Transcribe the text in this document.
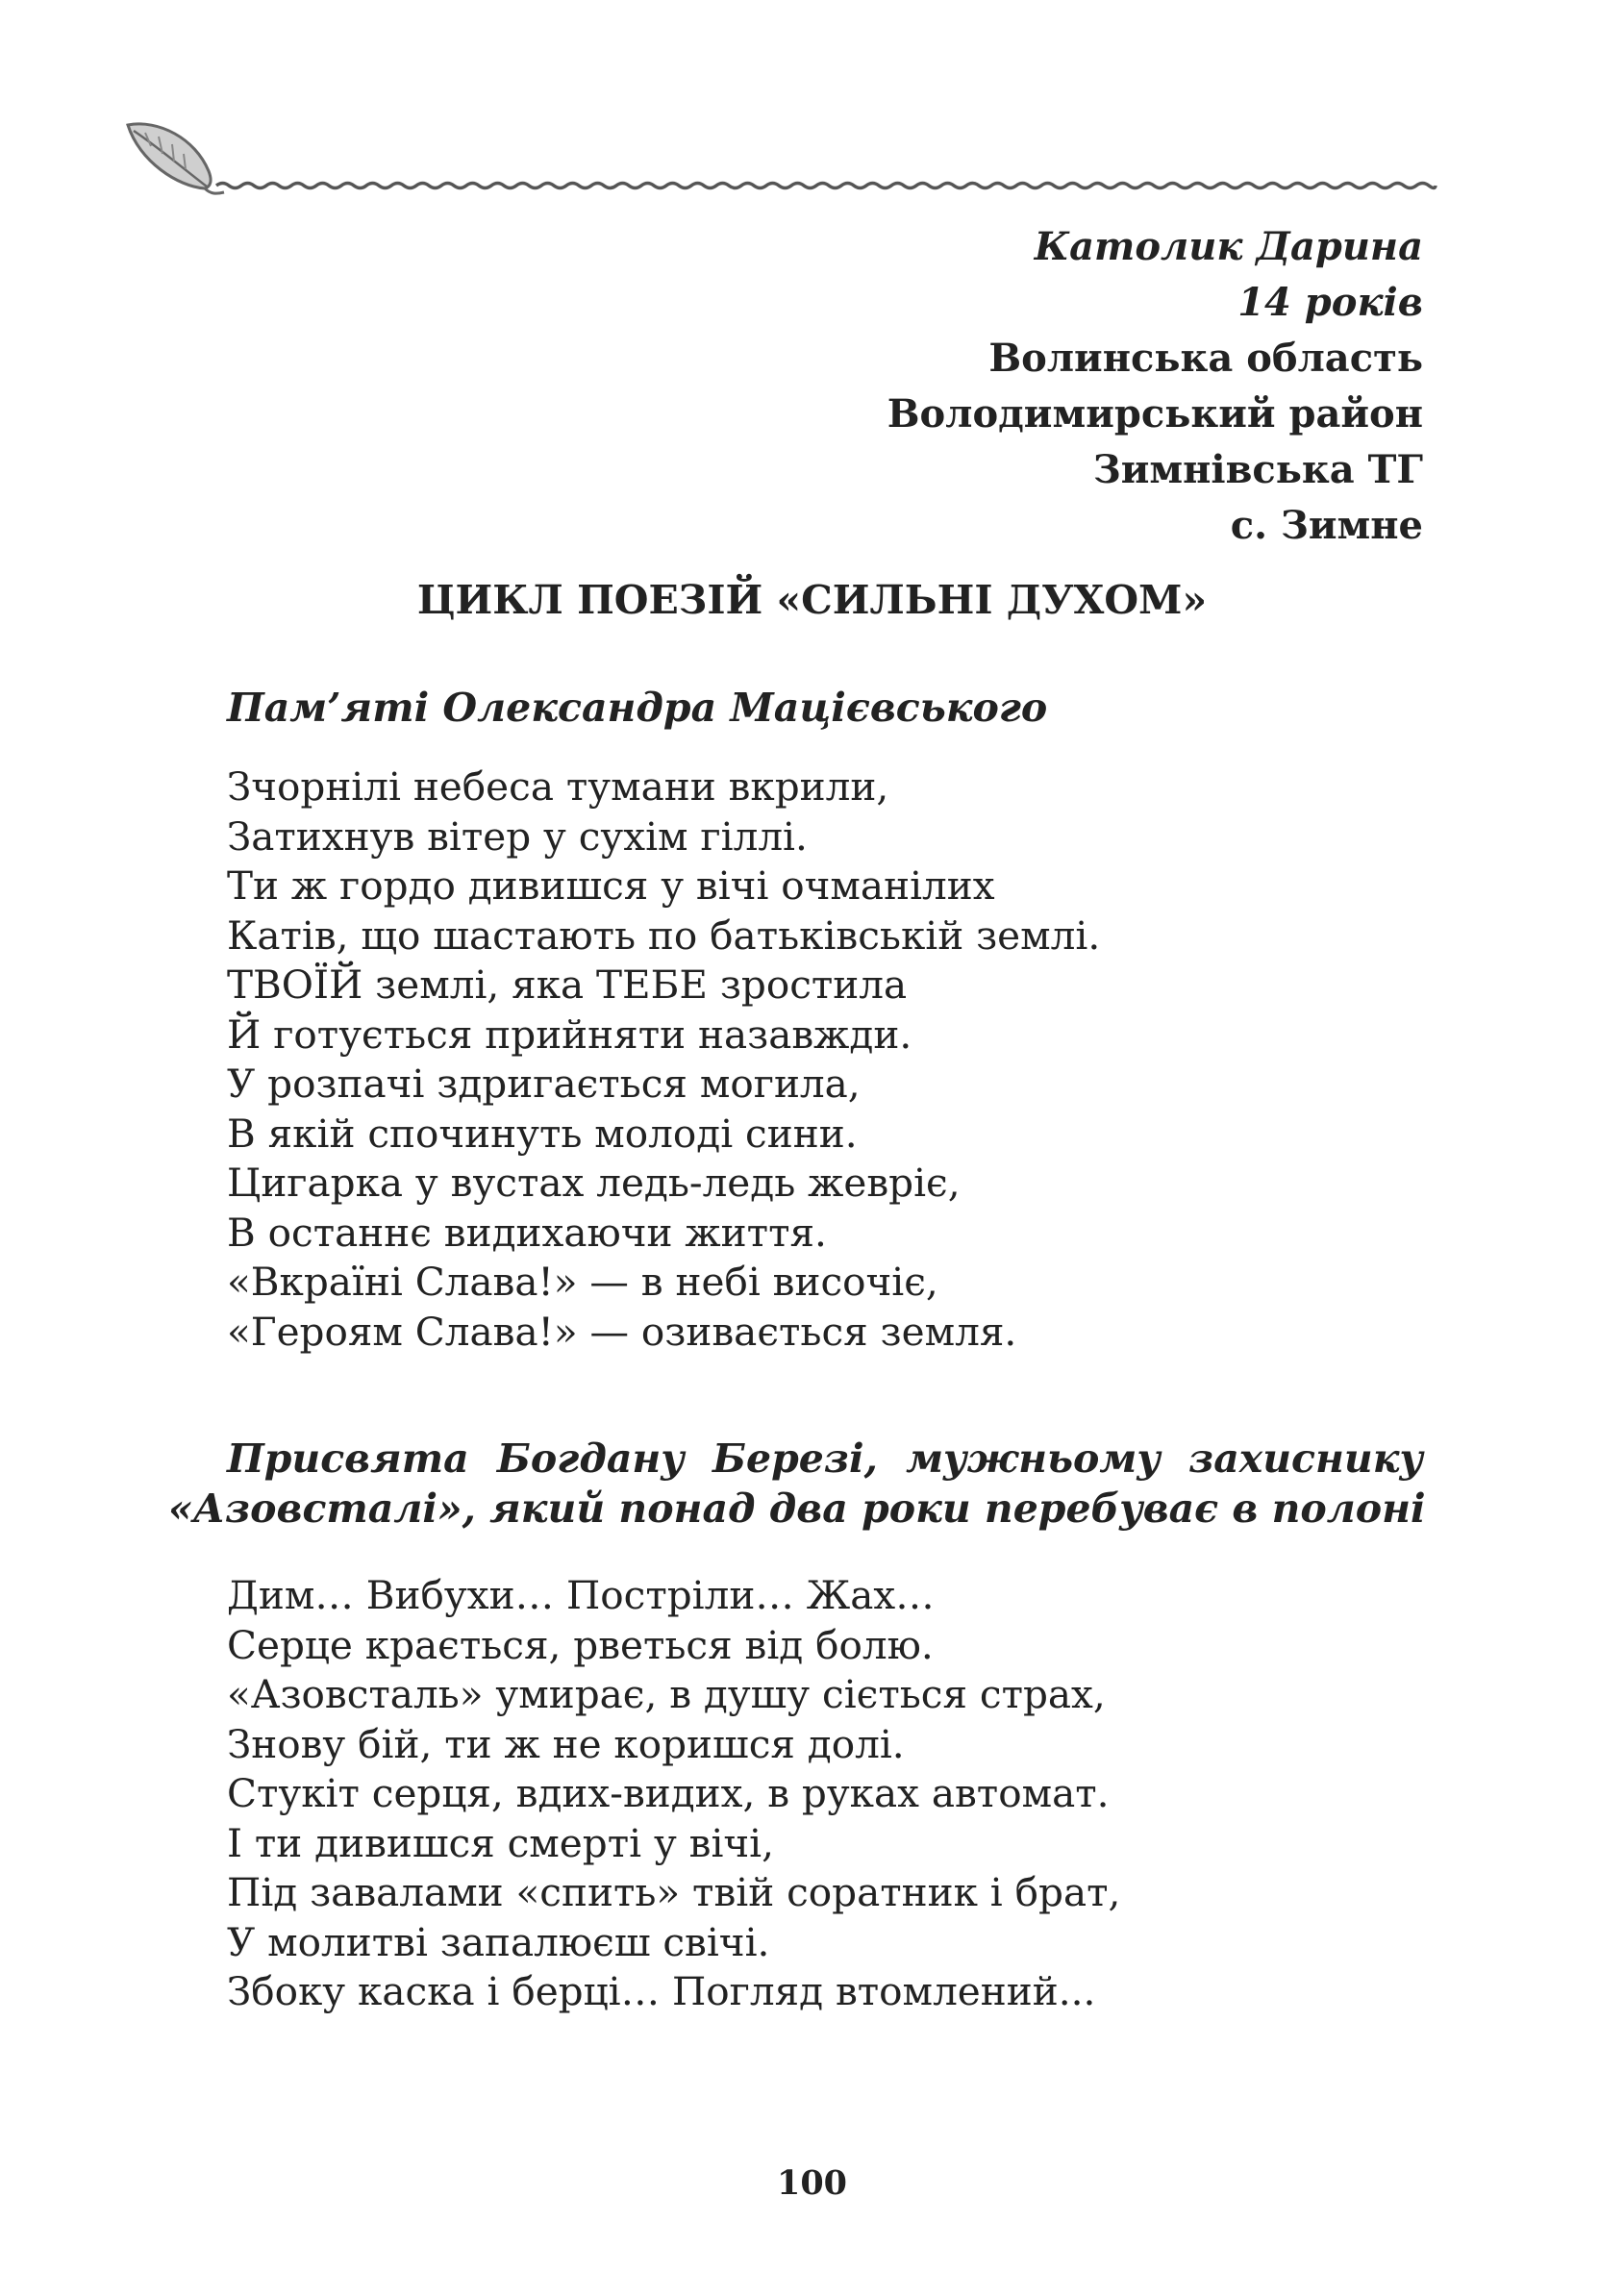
Католик Дарина
14 років
Волинська область
Володимирський район
Зимнівська ТГ
с. Зимне
ЦИКЛ ПОЕЗІЙ «СИЛЬНІ ДУХОМ»
Пам’яті Олександра Мацієвського
Зчорнілі небеса тумани вкрили,
Затихнув вітер у сухім гіллі.
Ти ж гордо дивишся у вічі очманілих
Катів, що шастають по батьківській землі.
ТВОЇЙ землі, яка ТЕБЕ зростила
Й готується прийняти назавжди.
У розпачі здригається могила,
В якій спочинуть молоді сини.
Цигарка у вустах ледь-ледь жевріє,
В останнє видихаючи життя.
«Вкраїні Слава!» — в небі височіє,
«Героям Слава!» — озивається земля.
Присвята Богдану Березі, мужньому захиснику
«Азовсталі», який понад два роки перебуває в полоні
Дим… Вибухи… Постріли… Жах…
Серце крається, рветься від болю.
«Азовсталь» умирає, в душу сіється страх,
Знову бій, ти ж не коришся долі.
Стукіт серця, вдих-видих, в руках автомат.
І ти дивишся смерті у вічі,
Під завалами «спить» твій соратник і брат,
У молитві запалюєш свічі.
Збоку каска і берці… Погляд втомлений...
100
